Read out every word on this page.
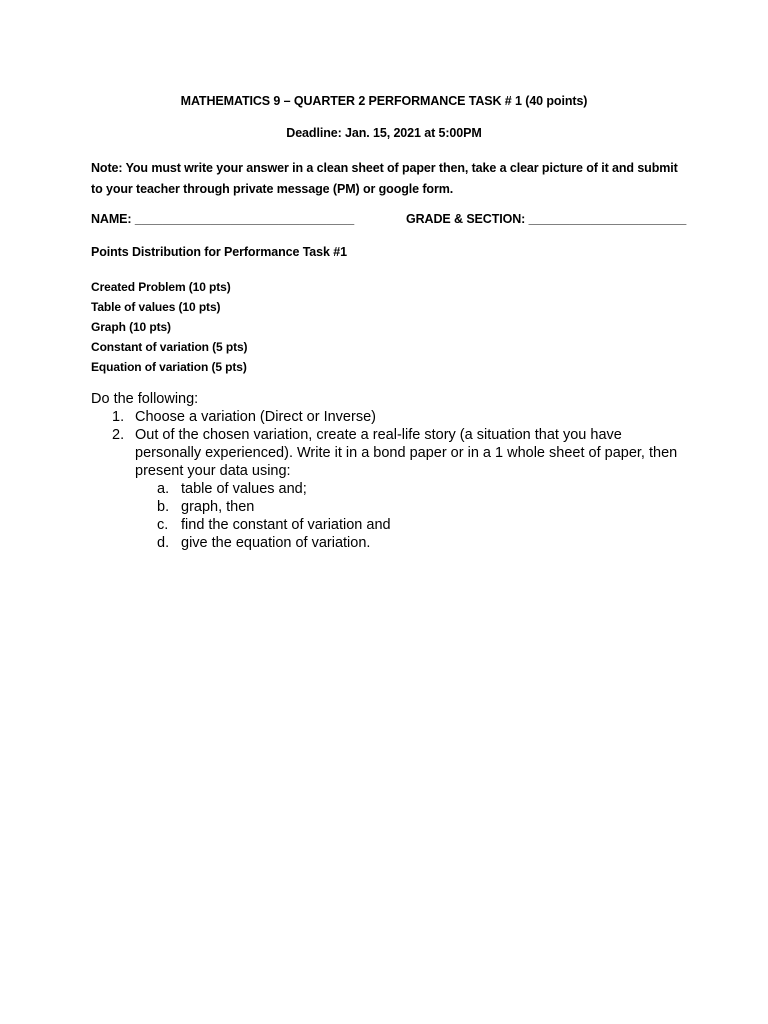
MATHEMATICS 9 – QUARTER 2 PERFORMANCE TASK # 1 (40 points)
Deadline: Jan. 15, 2021 at 5:00PM
Note: You must write your answer in a clean sheet of paper then, take a clear picture of it and submit to your teacher through private message (PM) or google form.
NAME: ________________________________	GRADE & SECTION: _______________________
Points Distribution for Performance Task #1
Created Problem (10 pts)
Table of values (10 pts)
Graph (10 pts)
Constant of variation (5 pts)
Equation of variation (5 pts)

Do the following:

1. Choose a variation (Direct or Inverse)
2. Out of the chosen variation, create a real-life story (a situation that you have personally experienced). Write it in a bond paper or in a 1 whole sheet of paper, then present your data using:
a. table of values and;
b. graph, then
c. find the constant of variation and
d. give the equation of variation.
